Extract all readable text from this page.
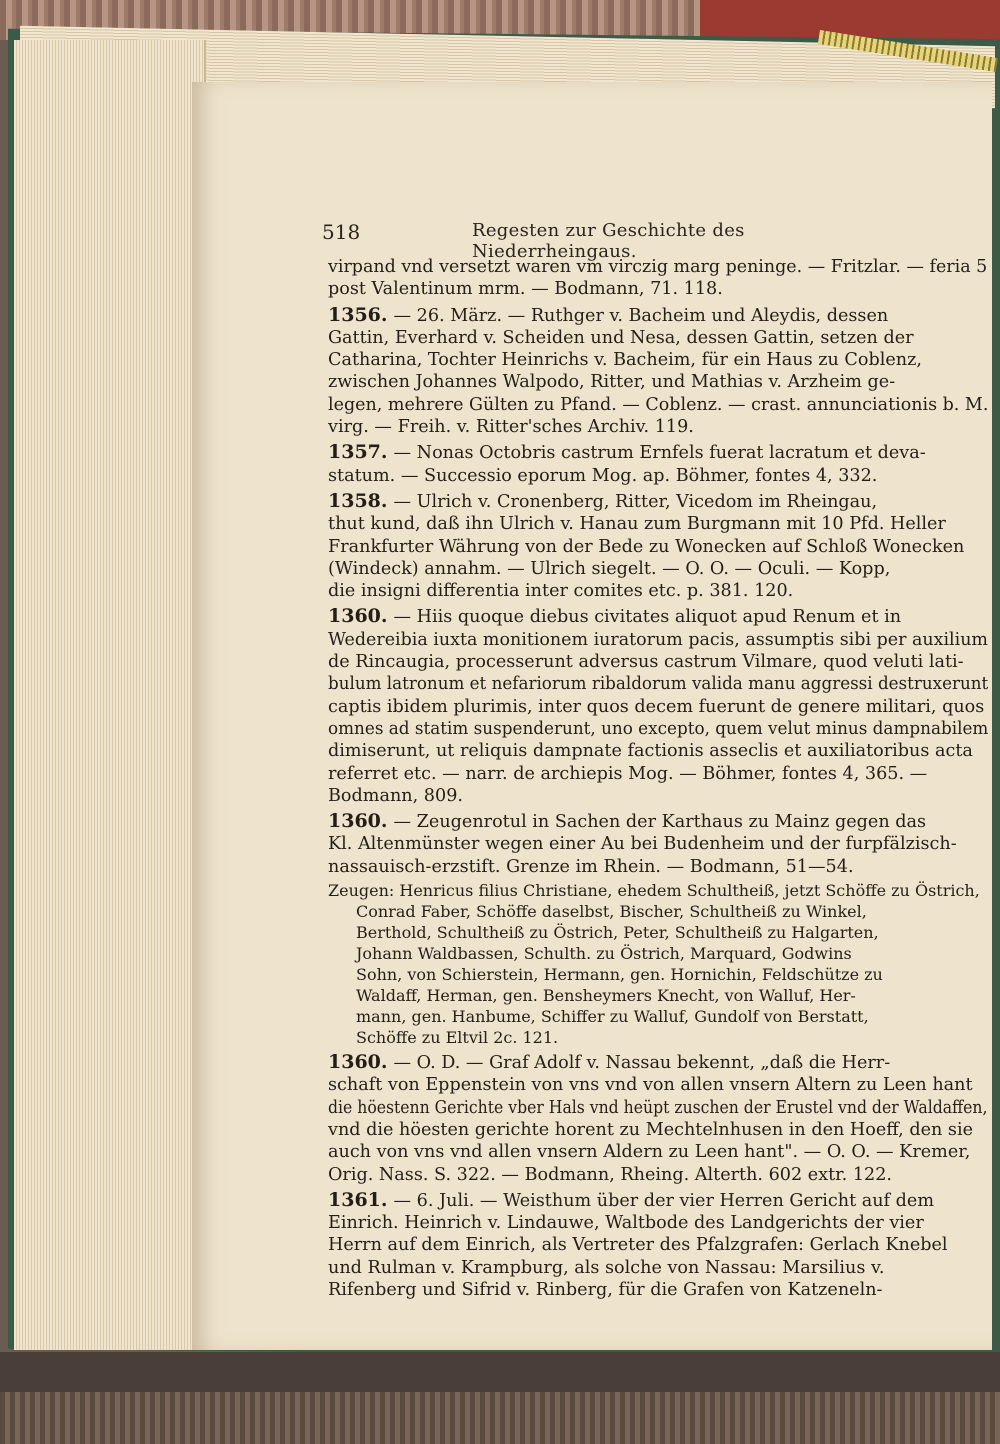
518	Regesten zur Geschichte des Niederrheingaus.
virpand vnd versetzt waren vm virczig marg peninge. — Fritzlar. — feria 5
post Valentinum mrm. — Bodmann, 71. 118.
1356. — 26. März. — Ruthger v. Bacheim und Aleydis, dessen
Gattin, Everhard v. Scheiden und Nesa, dessen Gattin, setzen der
Catharina, Tochter Heinrichs v. Bacheim, für ein Haus zu Coblenz,
zwischen Johannes Walpodo, Ritter, und Mathias v. Arzheim ge-
legen, mehrere Gülten zu Pfand. — Coblenz. — crast. annunciationis b. M.
virg. — Freih. v. Ritter'sches Archiv. 119.
1357. — Nonas Octobris castrum Ernfels fuerat lacratum et deva-
statum. — Successio eporum Mog. ap. Böhmer, fontes 4, 332.
1358. — Ulrich v. Cronenberg, Ritter, Vicedom im Rheingau,
thut kund, daß ihn Ulrich v. Hanau zum Burgmann mit 10 Pfd. Heller
Frankfurter Währung von der Bede zu Wonecken auf Schloß Wonecken
(Windeck) annahm. — Ulrich siegelt. — O. O. — Oculi. — Kopp,
die insigni differentia inter comites etc. p. 381. 120.
1360. — Hiis quoque diebus civitates aliquot apud Renum et in
Wedereibia iuxta monitionem iuratorum pacis, assumptis sibi per auxilium
de Rincaugia, processerunt adversus castrum Vilmare, quod veluti lati-
bulum latronum et nefariorum ribaldorum valida manu aggressi destruxerunt
captis ibidem plurimis, inter quos decem fuerunt de genere militari, quos
omnes ad statim suspenderunt, uno excepto, quem velut minus dampnabilem
dimiserunt, ut reliquis dampnate factionis asseclis et auxiliatoribus acta
referret etc. — narr. de archiepis Mog. — Böhmer, fontes 4, 365. —
Bodmann, 809.
1360. — Zeugenrotul in Sachen der Karthaus zu Mainz gegen das
Kl. Altenmünster wegen einer Au bei Budenheim und der furpfälzisch-
nassauisch-erzstift. Grenze im Rhein. — Bodmann, 51—54.
Zeugen: Henricus filius Christiane, ehedem Schultheiß, jetzt Schöffe zu Östrich,
Conrad Faber, Schöffe daselbst, Bischer, Schultheiß zu Winkel,
Berthold, Schultheiß zu Östrich, Peter, Schultheiß zu Halgarten,
Johann Waldbassen, Schulth. zu Östrich, Marquard, Godwins
Sohn, von Schierstein, Hermann, gen. Hornichin, Feldschütze zu
Waldaff, Herman, gen. Bensheymers Knecht, von Walluf, Her-
mann, gen. Hanbume, Schiffer zu Walluf, Gundolf von Berstatt,
Schöffe zu Eltvil 2c. 121.
1360. — O. D. — Graf Adolf v. Nassau bekennt, „daß die Herr-
schaft von Eppenstein von vns vnd von allen vnsern Altern zu Leen hant
die höestenn Gerichte vber Hals vnd heüpt zuschen der Erustel vnd der Waldaffen,
vnd die höesten gerichte horent zu Mechtelnhusen in den Hoeff, den sie
auch von vns vnd allen vnsern Aldern zu Leen hant". — O. O. — Kremer,
Orig. Nass. S. 322. — Bodmann, Rheing. Alterth. 602 extr. 122.
1361. — 6. Juli. — Weisthum über der vier Herren Gericht auf dem
Einrich. Heinrich v. Lindauwe, Waltbode des Landgerichts der vier
Herrn auf dem Einrich, als Vertreter des Pfalzgrafen: Gerlach Knebel
und Rulman v. Krampburg, als solche von Nassau: Marsilius v.
Rifenberg und Sifrid v. Rinberg, für die Grafen von Katzeneln-
